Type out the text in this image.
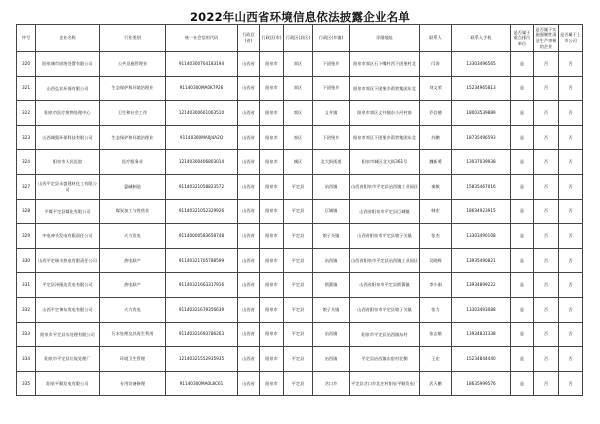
2022年山西省环境信息依法披露企业名单
序号	企业名称	行业类别	统一社会信用代码	行政区(省)	行政区(市)	行政区(县区)	行政区(乡镇)	详细地址	联系人	联系人手机	是否属于重点排污单位	是否属于实施强制性清洁生产审核的企业	是否属于上市公司
320	阳泉城市固废处置有限公司	公共设施管理业	91140300764183194	山西省	阳泉市	郊区	下团堡乡	阳泉市郊区石卜嘴村西下团堡村北	闫涛	13303496565	是	否	否
321	山西弘宏环保有限公司	生态保护和环境治理业	91140300MA0K7P26	山西省	阳泉市	郊区	下团堡乡	阳泉市郊区下团堡乡荫营集团东北	刘文荣	15234965813	是	否	否
322	阳泉市医疗废物处理中心	卫生和社会工作	12140300661063510	山西省	阳泉市	郊区	义井镇	阳泉市郊区义井镇东小河村南	乔岩德	18003539889	是	否	否
323	山西城奥环保科技有限公司	生态保护和环境治理业	91140300MA0J4A2Q	山西省	阳泉市	郊区	下团堡乡	阳泉市郊区下团堡乡荫营集团东北	苏鹏	18735496593	是	否	否
324	阳泉市人民医院	医疗服务业	12140300406803014	山西省	阳泉市	城区	北大街街道	阳泉市城区北大街361号	魏新勇	13037039938	是	否	否
327	山西平定县永盛建材化工有限公司	氯碱制造	91140321058823572	山西省	阳泉市	平定县	冶西镇	山西省阳泉市平定县冶西镇工业园区	秦敏	15835467016	是	否	否
328	平煤平定县煤化有限公司	煤炭加工与炼焦业	91140321052329926	山西省	阳泉市	平定县	巨城镇	山西省阳泉市平定县巨城镇	韩宏	18634923915	是	否	否
329	中电神头发电有限责任公司	火力发电	91140000583658748	山西省	阳泉市	平定县	娘子关镇	山西省阳泉市平定县娘子关镇	张杰	13303490108	是	否	否
330	山西平定瑞丰热电有限责任公司	热电联产	91140321705788599	山西省	阳泉市	平定县	冶西镇	山西省阳泉市平定县冶西镇工业园区	吴晓辉	13935490821	是	否	否
331	平定县泽隆达发电有限公司	热电联产	91140321663317916	山西省	阳泉市	平定县	锁簧镇	山西省阳泉市平定县锁簧镇	李小刚	13934899222	是	否	否
332	山西平定神东发电有限公司	火力发电	91140321679356639	山西省	阳泉市	平定县	娘子关镇	山西省阳泉市平定县娘子关镇	张力	13303493088	是	否	否
333	阳泉市平定县水处理有限公司	污水处理及其再生利用	91140321693786263	山西省	阳泉市	平定县	冶西镇	阳泉市平定县冶西镇东村	张志敏	13934831338	是	否	否
334	阳泉市平定县垃圾处理厂	环境卫生管理	12140321552935935	山西省	阳泉市	平定县	冶西镇	平定县冶西镇东窑村北侧	王宏	15234844440	是	否	否
335	阳泉平顺发电有限公司	专用设备修理	91140300MA0L8C61	山西省	阳泉市	平定县	岔口乡	平定县岔口乡北庄村阳泉平顺发电厂	武天鹏	18635999576	是	否	否
